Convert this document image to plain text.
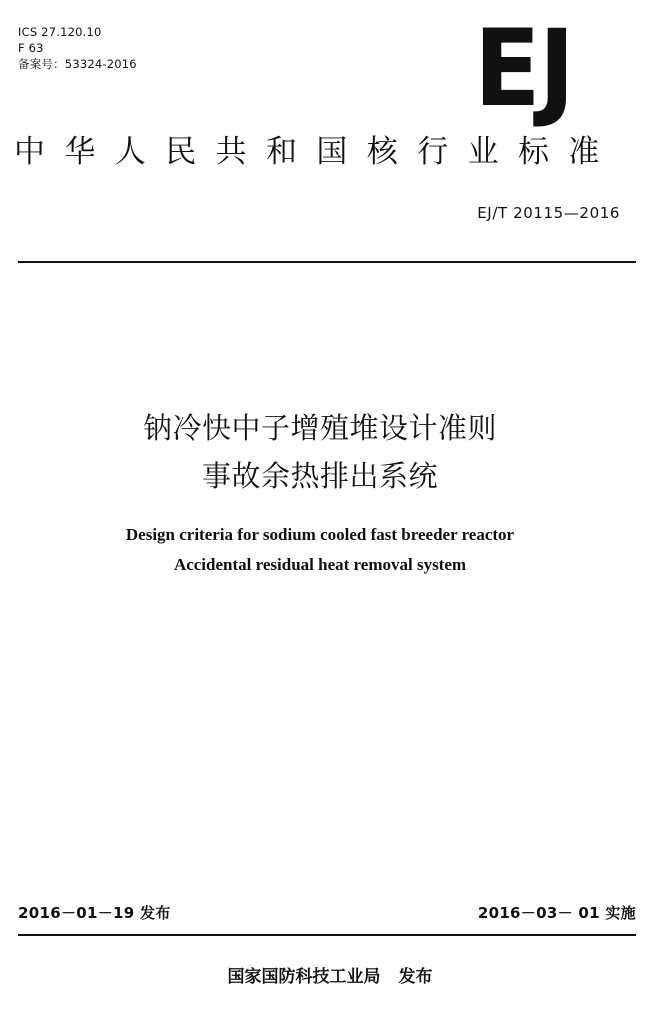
ICS 27.120.10
F 63
备案号：53324-2016	EJ
中华人民共和国核行业标准
EJ/T 20115—2016
钠冷快中子增殖堆设计准则
事故余热排出系统
Design criteria for sodium cooled fast breeder reactor
Accidental residual heat removal system
2016－01－19 发布	2016－03－ 01 实施
国家国防科技工业局 发布
